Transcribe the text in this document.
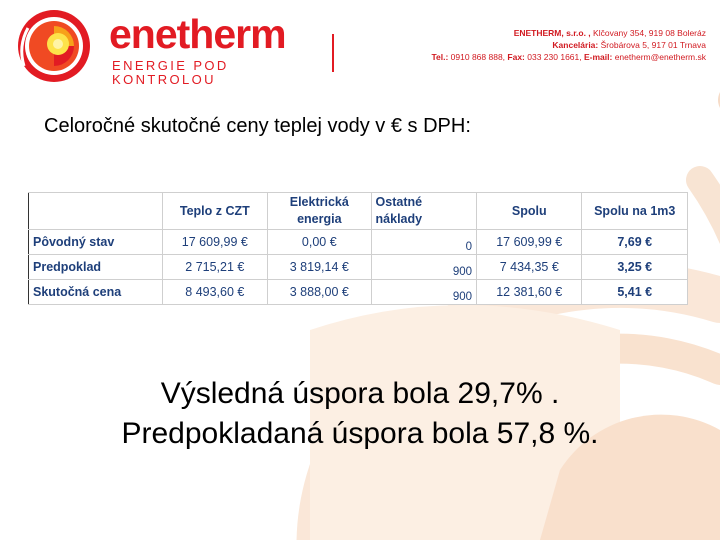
enetherm
ENERGIE POD KONTROLOU
ENETHERM, s.r.o. , Klčovany 354, 919 08 Boleráz
Kancelária: Šrobárova 5, 917 01 Trnava
Tel.: 0910 868 888, Fax: 033 230 1661, E-mail: enetherm@enetherm.sk
Celoročné skutočné ceny teplej vody v € s DPH:
	Teplo z CZT	Elektrická energia	Ostatné náklady	Spolu	Spolu na 1m3
Pôvodný stav	17 609,99 €	0,00 €	0	17 609,99 €	7,69 €
Predpoklad	2 715,21 €	3 819,14 €	900	7 434,35 €	3,25 €
Skutočná cena	8 493,60 €	3 888,00 €	900	12 381,60 €	5,41 €
Výsledná úspora bola 29,7% .
Predpokladaná úspora bola 57,8 %.
